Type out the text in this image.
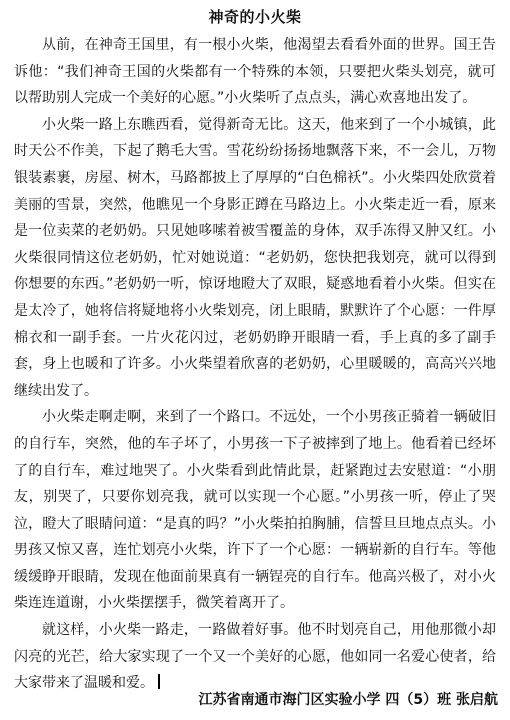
神奇的小火柴

从前，在神奇王国里，有一根小火柴，他渴望去看看外面的世界。国王告诉他：“我们神奇王国的火柴都有一个特殊的本领，只要把火柴头划亮，就可以帮助别人完成一个美好的心愿。”小火柴听了点点头，满心欢喜地出发了。

小火柴一路上东瞧西看，觉得新奇无比。这天，他来到了一个小城镇，此时天公不作美，下起了鹅毛大雪。雪花纷纷扬扬地飘落下来，不一会儿，万物银装素裹，房屋、树木，马路都披上了厚厚的“白色棉袄”。小火柴四处欣赏着美丽的雪景，突然，他瞧见一个身影正蹲在马路边上。小火柴走近一看，原来是一位卖菜的老奶奶。只见她哆嗦着被雪覆盖的身体，双手冻得又肿又红。小火柴很同情这位老奶奶，忙对她说道：“老奶奶，您快把我划亮，就可以得到你想要的东西。”老奶奶一听，惊讶地瞪大了双眼，疑惑地看着小火柴。但实在是太冷了，她将信将疑地将小火柴划亮，闭上眼睛，默默许了个心愿：一件厚棉衣和一副手套。一片火花闪过，老奶奶睁开眼睛一看，手上真的多了副手套，身上也暖和了许多。小火柴望着欣喜的老奶奶，心里暖暖的，高高兴兴地继续出发了。

小火柴走啊走啊，来到了一个路口。不远处，一个小男孩正骑着一辆破旧的自行车，突然，他的车子坏了，小男孩一下子被摔到了地上。他看着已经坏了的自行车，难过地哭了。小火柴看到此情此景，赶紧跑过去安慰道：“小朋友，别哭了，只要你划亮我，就可以实现一个心愿。”小男孩一听，停止了哭泣，瞪大了眼睛问道：“是真的吗？”小火柴拍拍胸脯，信誓旦旦地点点头。小男孩又惊又喜，连忙划亮小火柴，许下了一个心愿：一辆崭新的自行车。等他缓缓睁开眼睛，发现在他面前果真有一辆锃亮的自行车。他高兴极了，对小火柴连连道谢，小火柴摆摆手，微笑着离开了。

就这样，小火柴一路走，一路做着好事。他不时划亮自己，用他那微小却闪亮的光芒，给大家实现了一个又一个美好的心愿，他如同一名爱心使者，给大家带来了温暖和爱。

江苏省南通市海门区实验小学 四（5）班 张启航
